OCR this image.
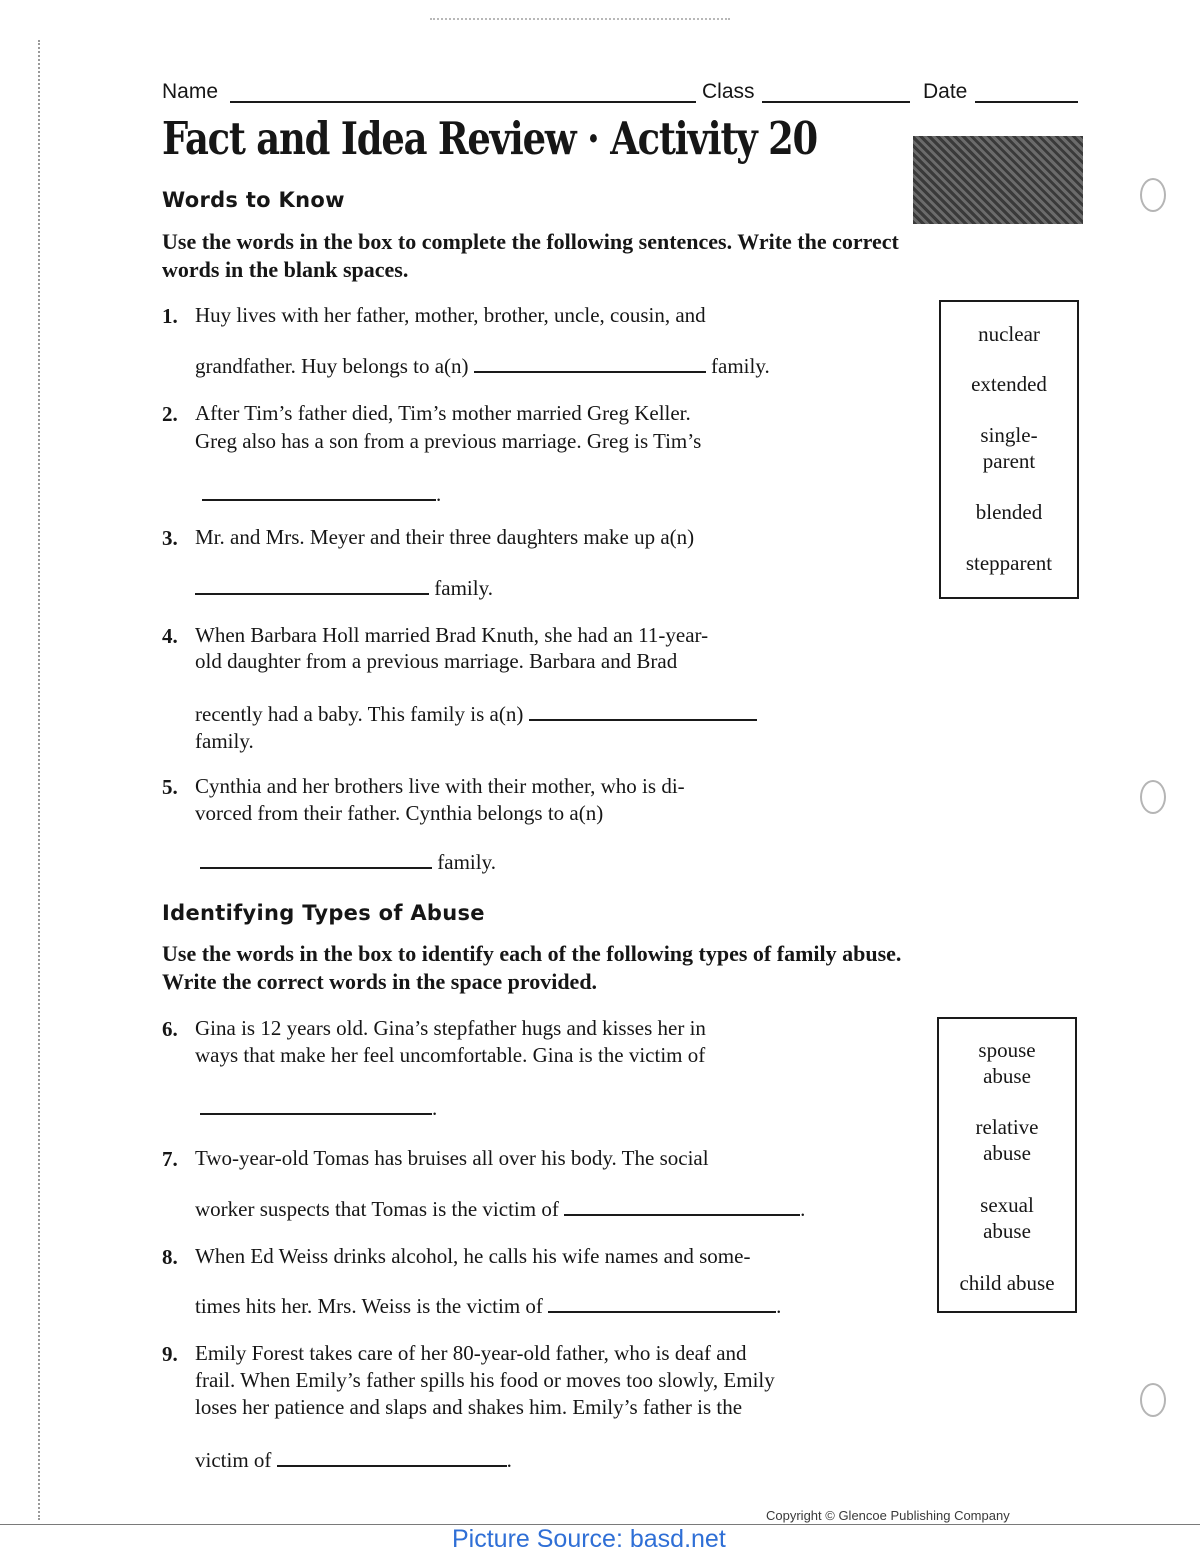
Name	Class	Date
Fact and Idea Review · Activity 20
Words to Know
Use the words in the box to complete the following sentences. Write the correct words in the blank spaces.
nuclear
extended
single-
parent
blended
stepparent
1. Huy lives with her father, mother, brother, uncle, cousin, and
grandfather. Huy belongs to a(n)	family.
2. After Tim’s father died, Tim’s mother married Greg Keller.
Greg also has a son from a previous marriage. Greg is Tim’s
.
3. Mr. and Mrs. Meyer and their three daughters make up a(n)
family.
4. When Barbara Holl married Brad Knuth, she had an 11-year-
old daughter from a previous marriage. Barbara and Brad
recently had a baby. This family is a(n)
family.
5. Cynthia and her brothers live with their mother, who is di-
vorced from their father. Cynthia belongs to a(n)
family.
Identifying Types of Abuse
Use the words in the box to identify each of the following types of family abuse. Write the correct words in the space provided.
spouse
abuse
relative
abuse
sexual
abuse
child abuse
6. Gina is 12 years old. Gina’s stepfather hugs and kisses her in
ways that make her feel uncomfortable. Gina is the victim of
.
7. Two-year-old Tomas has bruises all over his body. The social
worker suspects that Tomas is the victim of	.
8. When Ed Weiss drinks alcohol, he calls his wife names and some-
times hits her. Mrs. Weiss is the victim of	.
9. Emily Forest takes care of her 80-year-old father, who is deaf and
frail. When Emily’s father spills his food or moves too slowly, Emily
loses her patience and slaps and shakes him. Emily’s father is the
victim of	.
Copyright © Glencoe Publishing Company
Picture Source: basd.net
